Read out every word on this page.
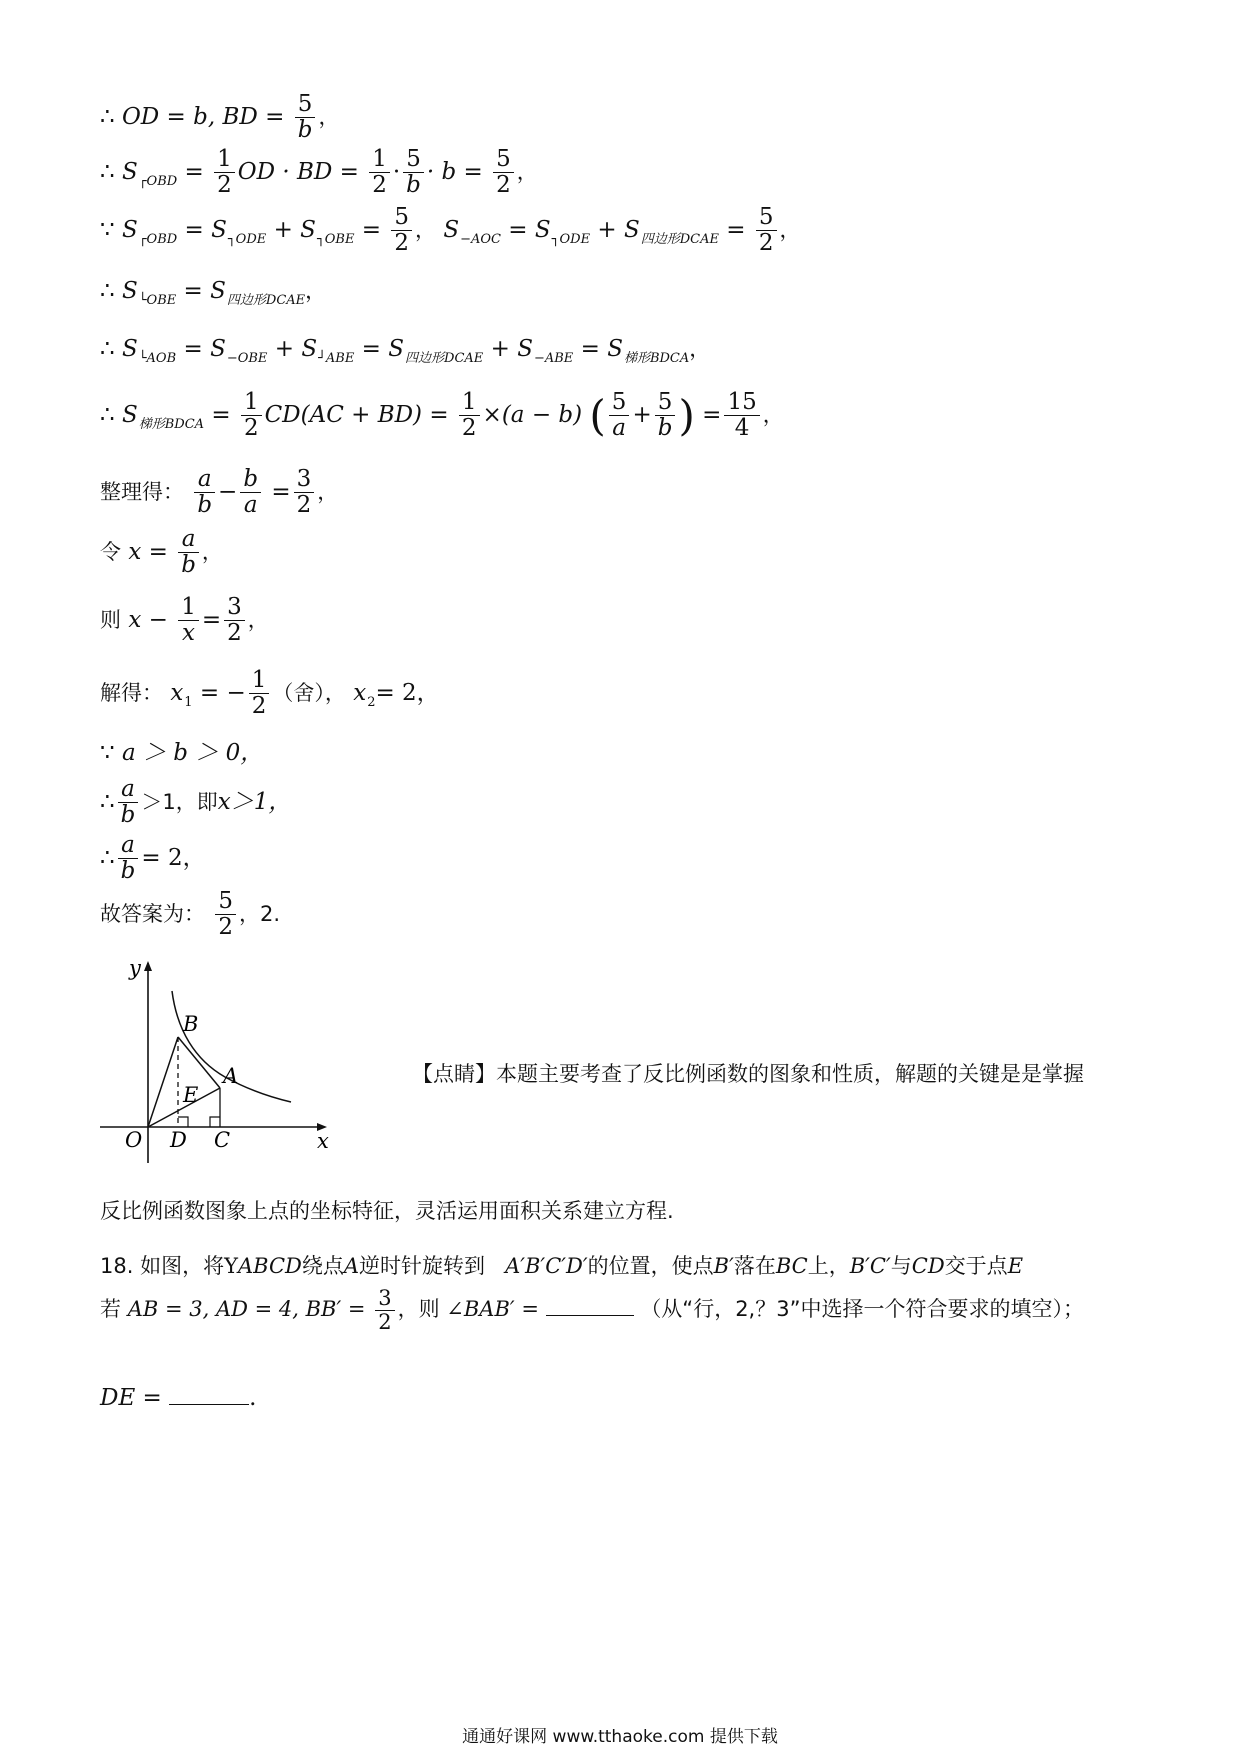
∴ OD = b, BD = $\frac{5}{b}$ ，
∴ $S_{┌OBD} = \frac{1}{2}$ OD · BD = $\frac{1}{2} \cdot \frac{5}{b} \cdot b = \frac{5}{2}$ ，
∵ $S_{┌OBD} = S_{┐ODE} + S_{┐OBE} = \frac{5}{2}$ ， $S_{-AOC} = S_{┐ODE} + S_{四边形DCAE} = \frac{5}{2}$ ，
∴ $S_{└OBE} = S_{四边形DCAE}$，
∴ $S_{└AOB} = S_{-OBE} + S_{┘ABE} = S_{四边形DCAE} + S_{-ABE} = S_{梯形BDCA}$，
∴ $S_{梯形BDCA} = \frac{1}{2} CD(AC + BD) = \frac{1}{2} \times(a - b)$ ( $\frac{5}{a} + \frac{5}{b}$ ) = $\frac{15}{4}$ ，
整理得： $\frac{a}{b} - \frac{b}{a} = \frac{3}{2}$ ，
令 $x = \frac{a}{b}$ ，
则 $x - \frac{1}{x} = \frac{3}{2}$ ，
解得： $x_1$ = − $\frac{1}{2}$ （舍）， $x_2= 2$，
∵ a ＞ b ＞ 0，
∴ $\frac{a}{b} >1$，即x＞1，
∴ $\frac{a}{b} = 2$，
故答案为： $\frac{5}{2}$ ，2.
y
x
O
B
A
E
D C
【点睛】本题主要考查了反比例函数的图象和性质，解题的关键是是掌握
反比例函数图象上点的坐标特征，灵活运用面积关系建立方程.
18. 如图，将YABCD绕点A逆时针旋转到 A′B′C′D′的位置，使点B′落在BC上，B′C′与CD交于点E
若 AB = 3, AD = 4, $BB' = \frac{3}{2}$ ，则 ∠BAB′ =	（从“行，2,？3”中选择一个符合要求的填空）；
DE =	.
通通好课网 www.tthaoke.com 提供下载
